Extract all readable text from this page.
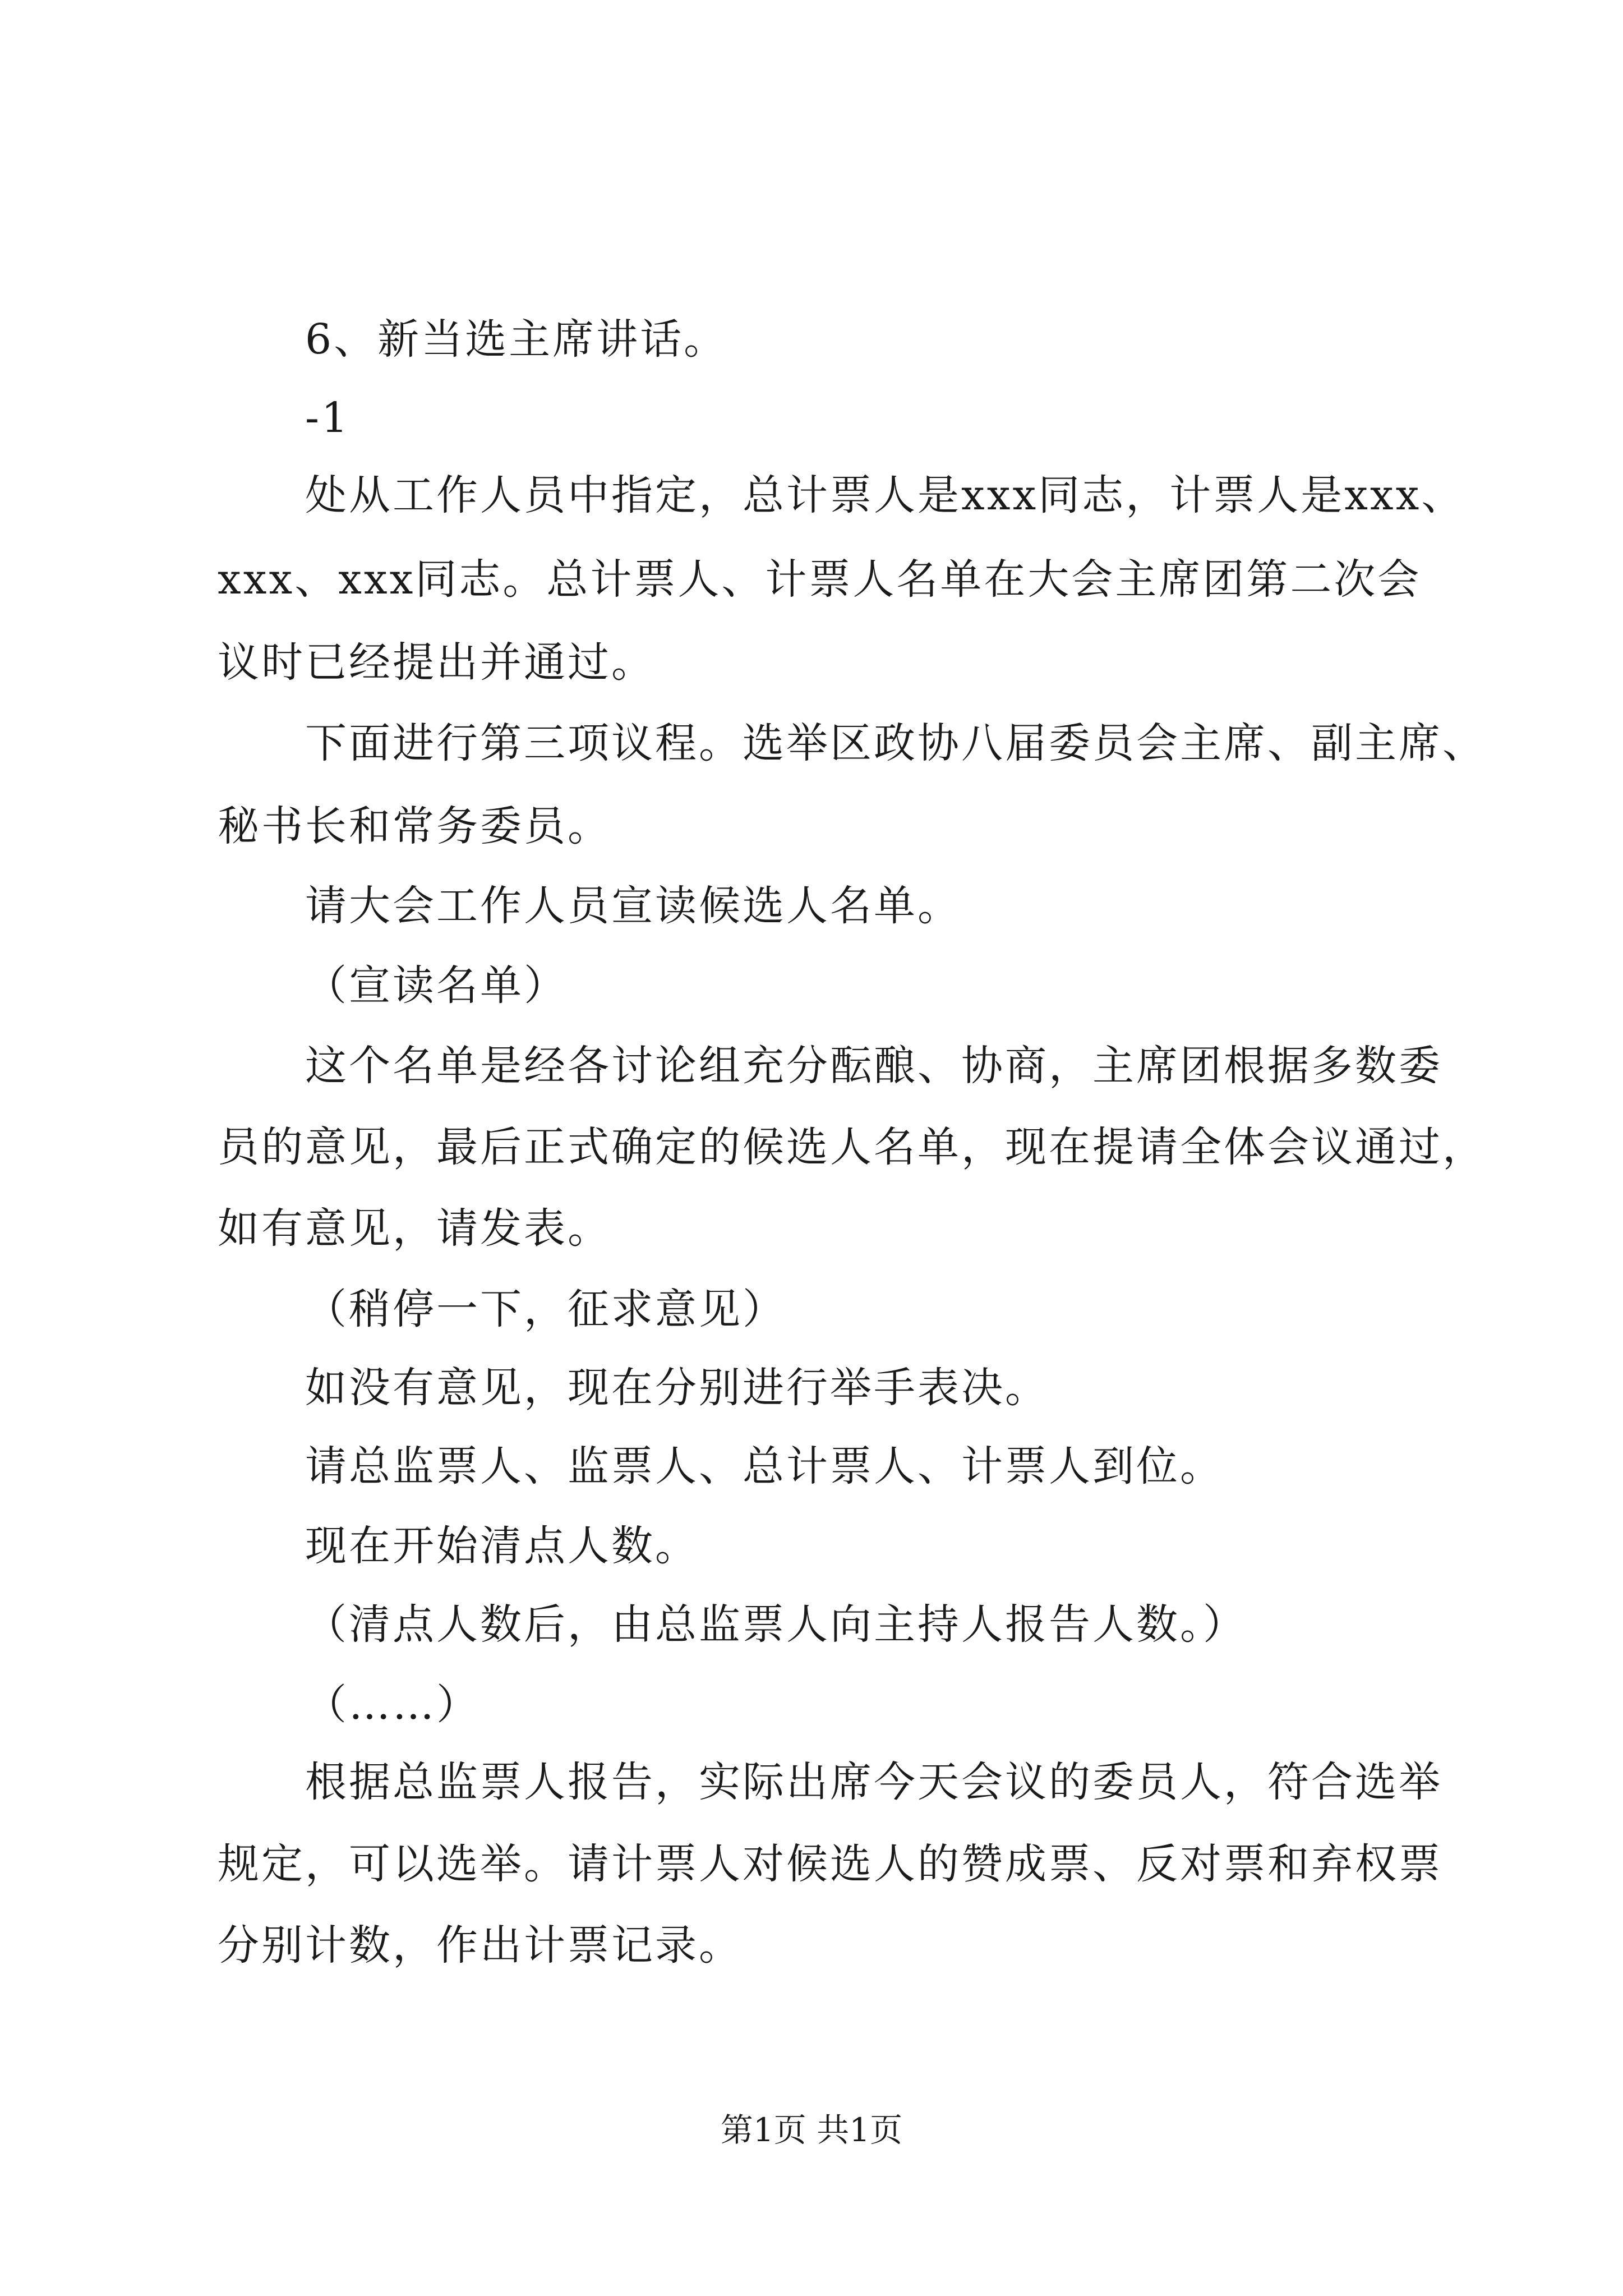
6、新当选主席讲话。
-1
处从工作人员中指定，总计票人是xxx同志，计票人是xxx、
xxx、xxx同志。总计票人、计票人名单在大会主席团第二次会
议时已经提出并通过。
下面进行第三项议程。选举区政协八届委员会主席、副主席、
秘书长和常务委员。
请大会工作人员宣读候选人名单。
（宣读名单）
这个名单是经各讨论组充分酝酿、协商，主席团根据多数委
员的意见，最后正式确定的候选人名单，现在提请全体会议通过，
如有意见，请发表。
（稍停一下，征求意见）
如没有意见，现在分别进行举手表决。
请总监票人、监票人、总计票人、计票人到位。
现在开始清点人数。
（清点人数后，由总监票人向主持人报告人数。）
（……）
根据总监票人报告，实际出席今天会议的委员人，符合选举
规定，可以选举。请计票人对候选人的赞成票、反对票和弃权票
分别计数，作出计票记录。
第1页 共1页
